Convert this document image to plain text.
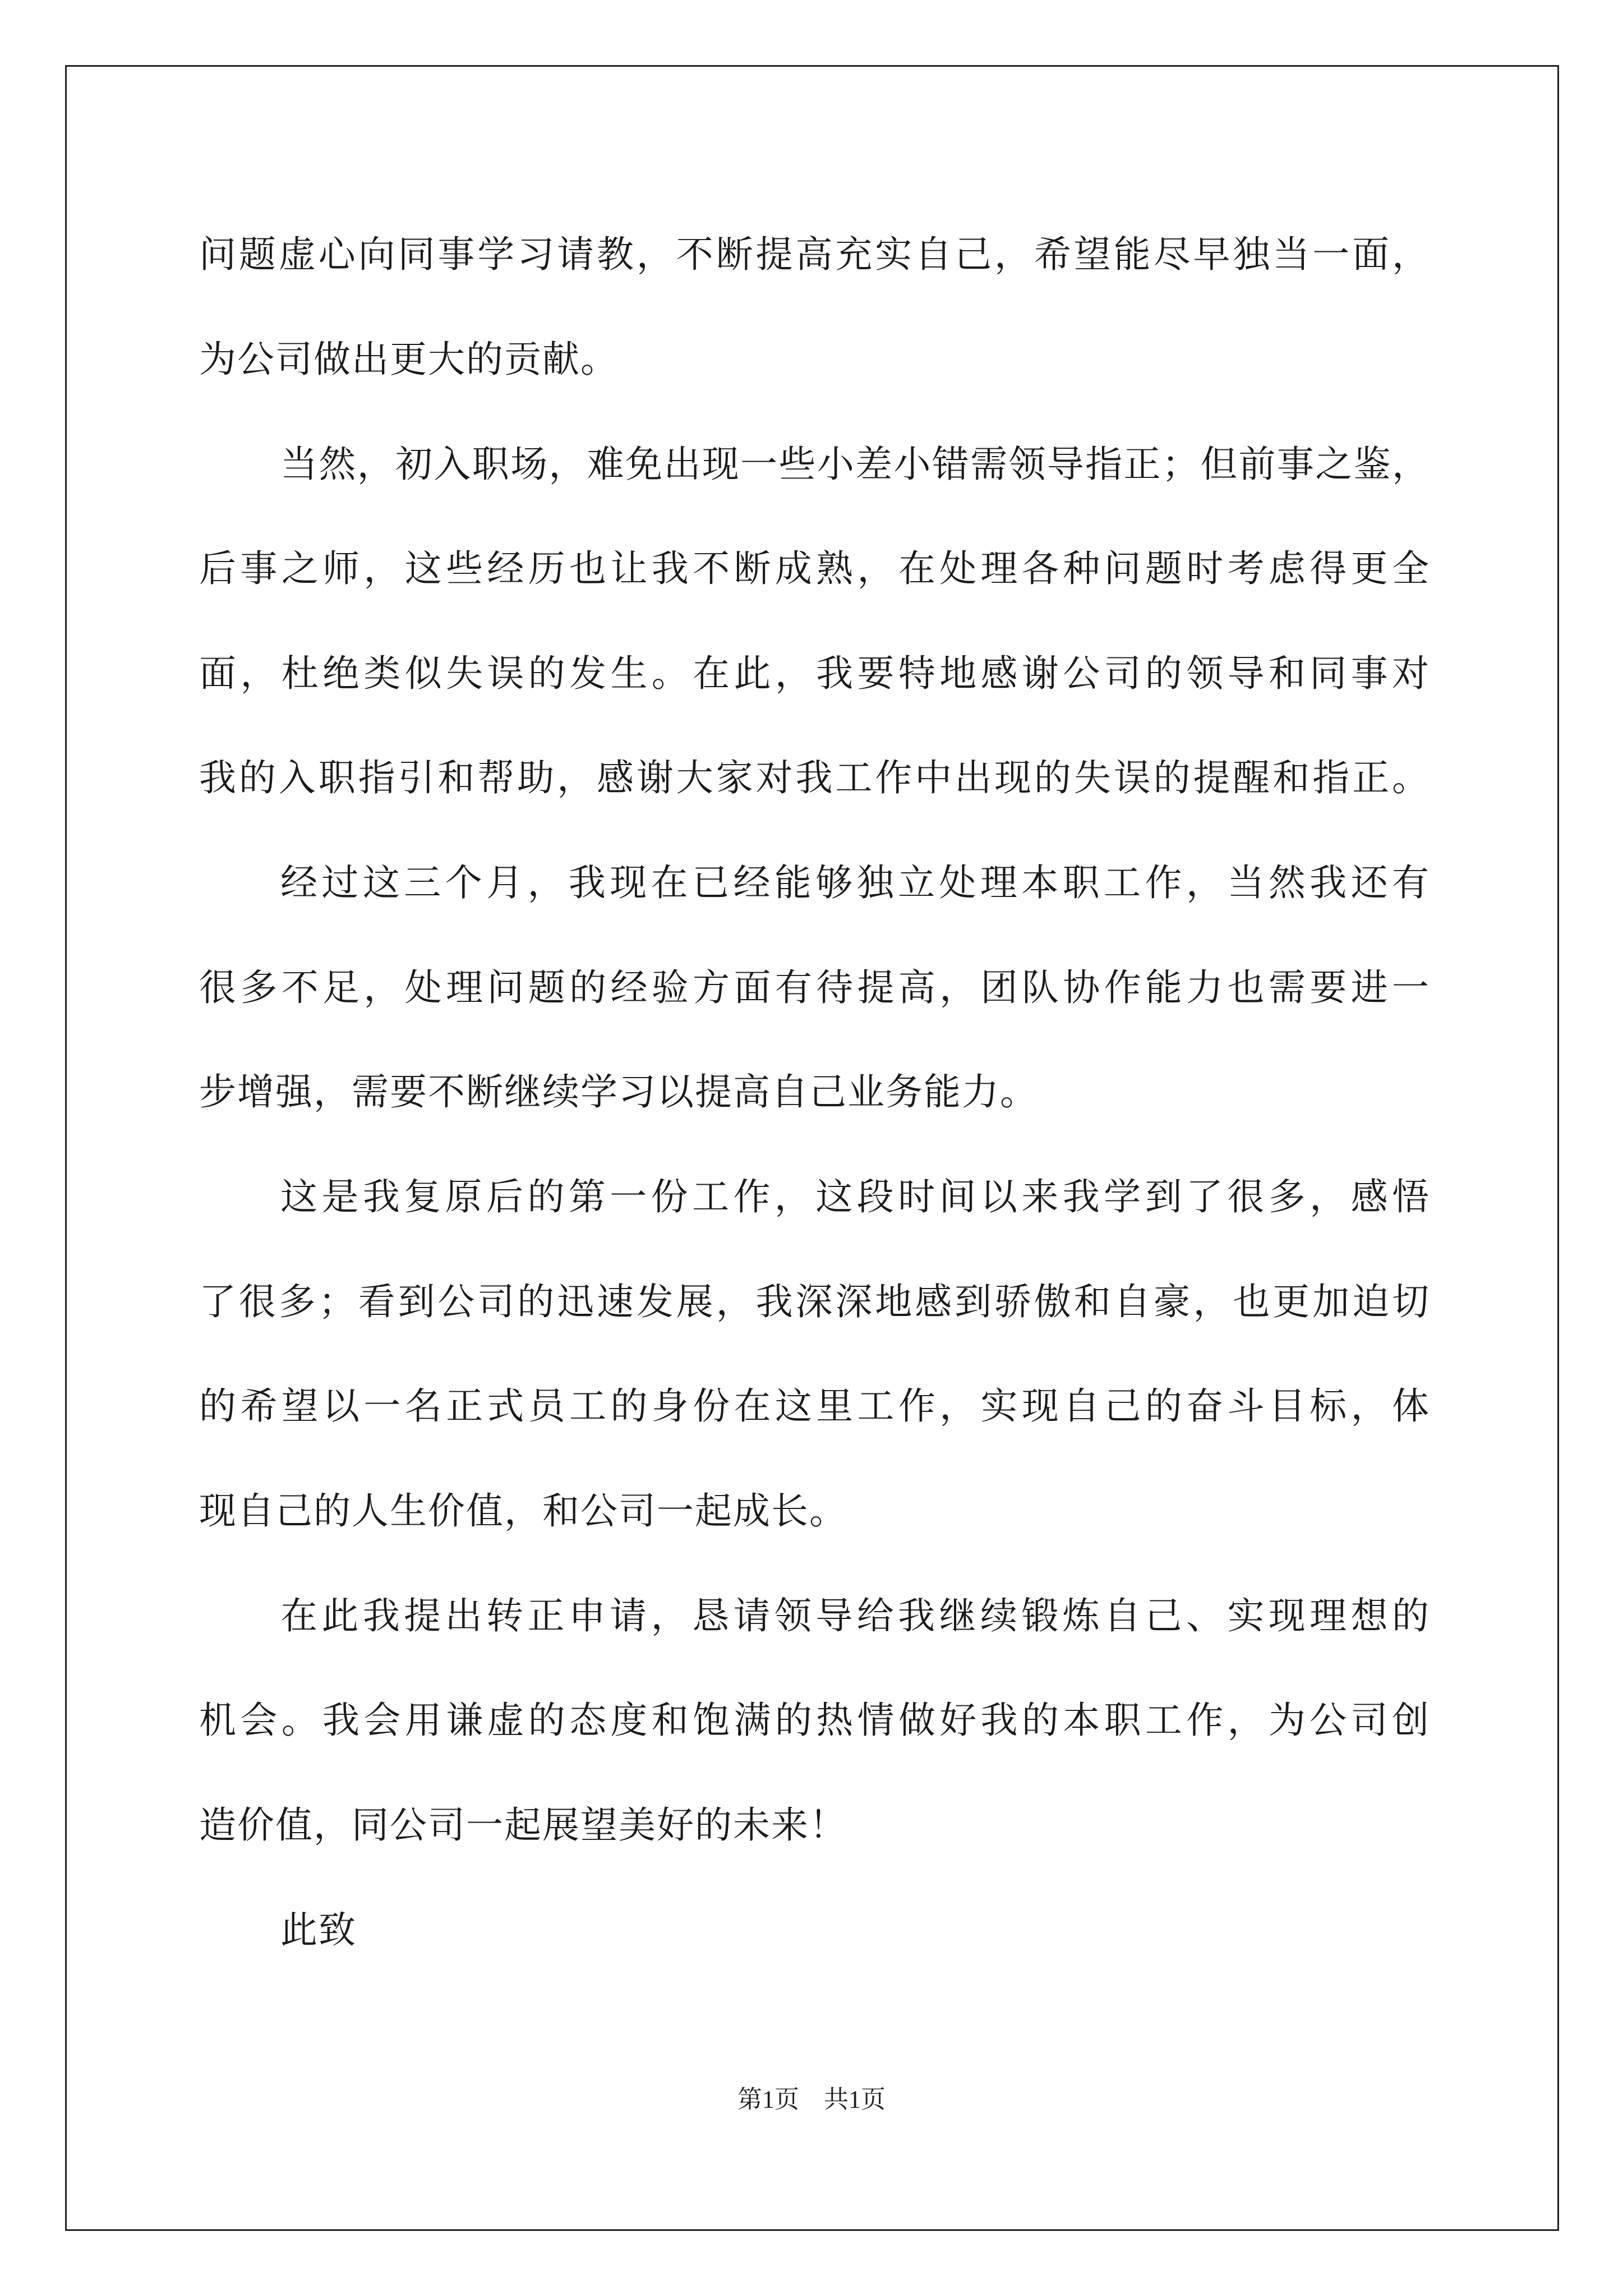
问题虚心向同事学习请教，不断提高充实自己，希望能尽早独当一面，
为公司做出更大的贡献。
当然，初入职场，难免出现一些小差小错需领导指正；但前事之鉴，
后事之师，这些经历也让我不断成熟，在处理各种问题时考虑得更全
面，杜绝类似失误的发生。在此，我要特地感谢公司的领导和同事对
我的入职指引和帮助，感谢大家对我工作中出现的失误的提醒和指正。
经过这三个月，我现在已经能够独立处理本职工作，当然我还有
很多不足，处理问题的经验方面有待提高，团队协作能力也需要进一
步增强，需要不断继续学习以提高自己业务能力。
这是我复原后的第一份工作，这段时间以来我学到了很多，感悟
了很多；看到公司的迅速发展，我深深地感到骄傲和自豪，也更加迫切
的希望以一名正式员工的身份在这里工作，实现自己的奋斗目标，体
现自己的人生价值，和公司一起成长。
在此我提出转正申请，恳请领导给我继续锻炼自己、实现理想的
机会。我会用谦虚的态度和饱满的热情做好我的本职工作，为公司创
造价值，同公司一起展望美好的未来！
此致
第1页　共1页
